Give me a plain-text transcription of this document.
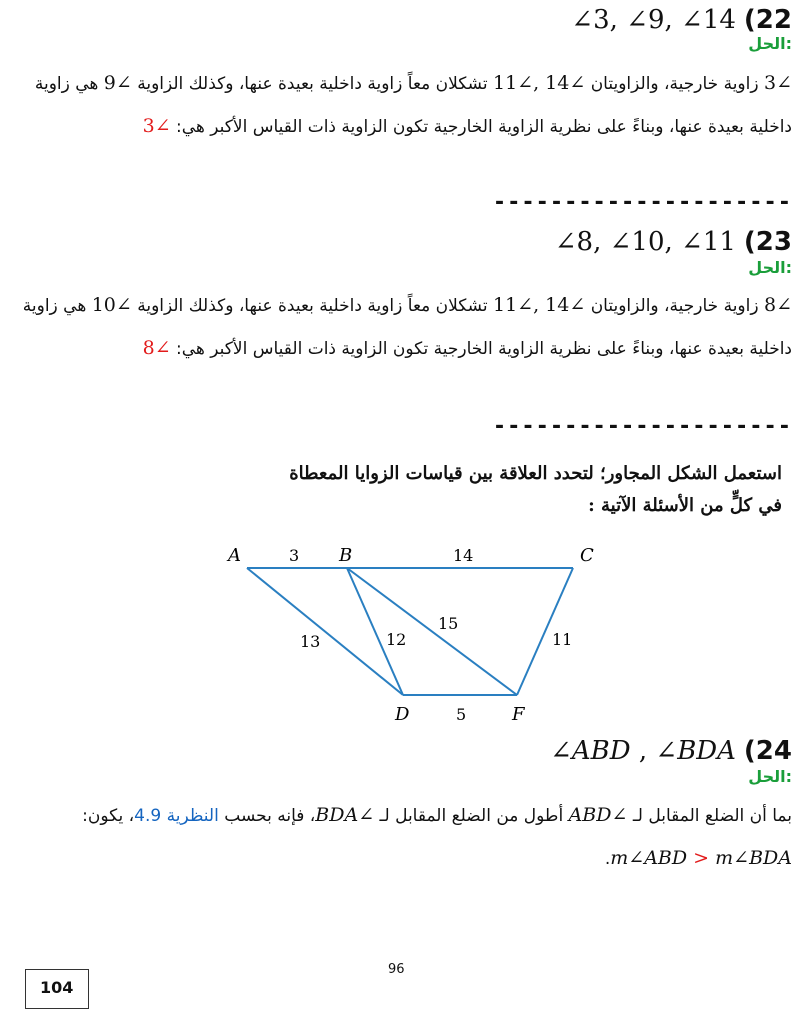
∠3, ∠9, ∠14 (22
الحل:
∠3 زاوية خارجية، والزاويتان ∠14 ,∠11 تشكلان معاً زاوية داخلية بعيدة عنها، وكذلك الزاوية ∠9 هي زاوية داخلية بعيدة عنها، وبناءً على نظرية الزاوية الخارجية تكون الزاوية ذات القياس الأكبر هي: ∠3
---------------------
∠8, ∠10, ∠11 (23
الحل:
∠8 زاوية خارجية، والزاويتان ∠14 ,∠11 تشكلان معاً زاوية داخلية بعيدة عنها، وكذلك الزاوية ∠10 هي زاوية داخلية بعيدة عنها، وبناءً على نظرية الزاوية الخارجية تكون الزاوية ذات القياس الأكبر هي: ∠8
---------------------
استعمل الشكل المجاور؛ لتحدد العلاقة بين قياسات الزوايا المعطاة
في كلٍّ من الأسئلة الآتية :
A	B	C
D	F
3	14
13	12
15
11
5
∠ABD , ∠BDA (24
الحل:
بما أن الضلع المقابل لـ ∠ABD أطول من الضلع المقابل لـ ∠BDA، فإنه بحسب النظرية 4.9، يكون: m∠ABD > m∠BDA.
96
104
